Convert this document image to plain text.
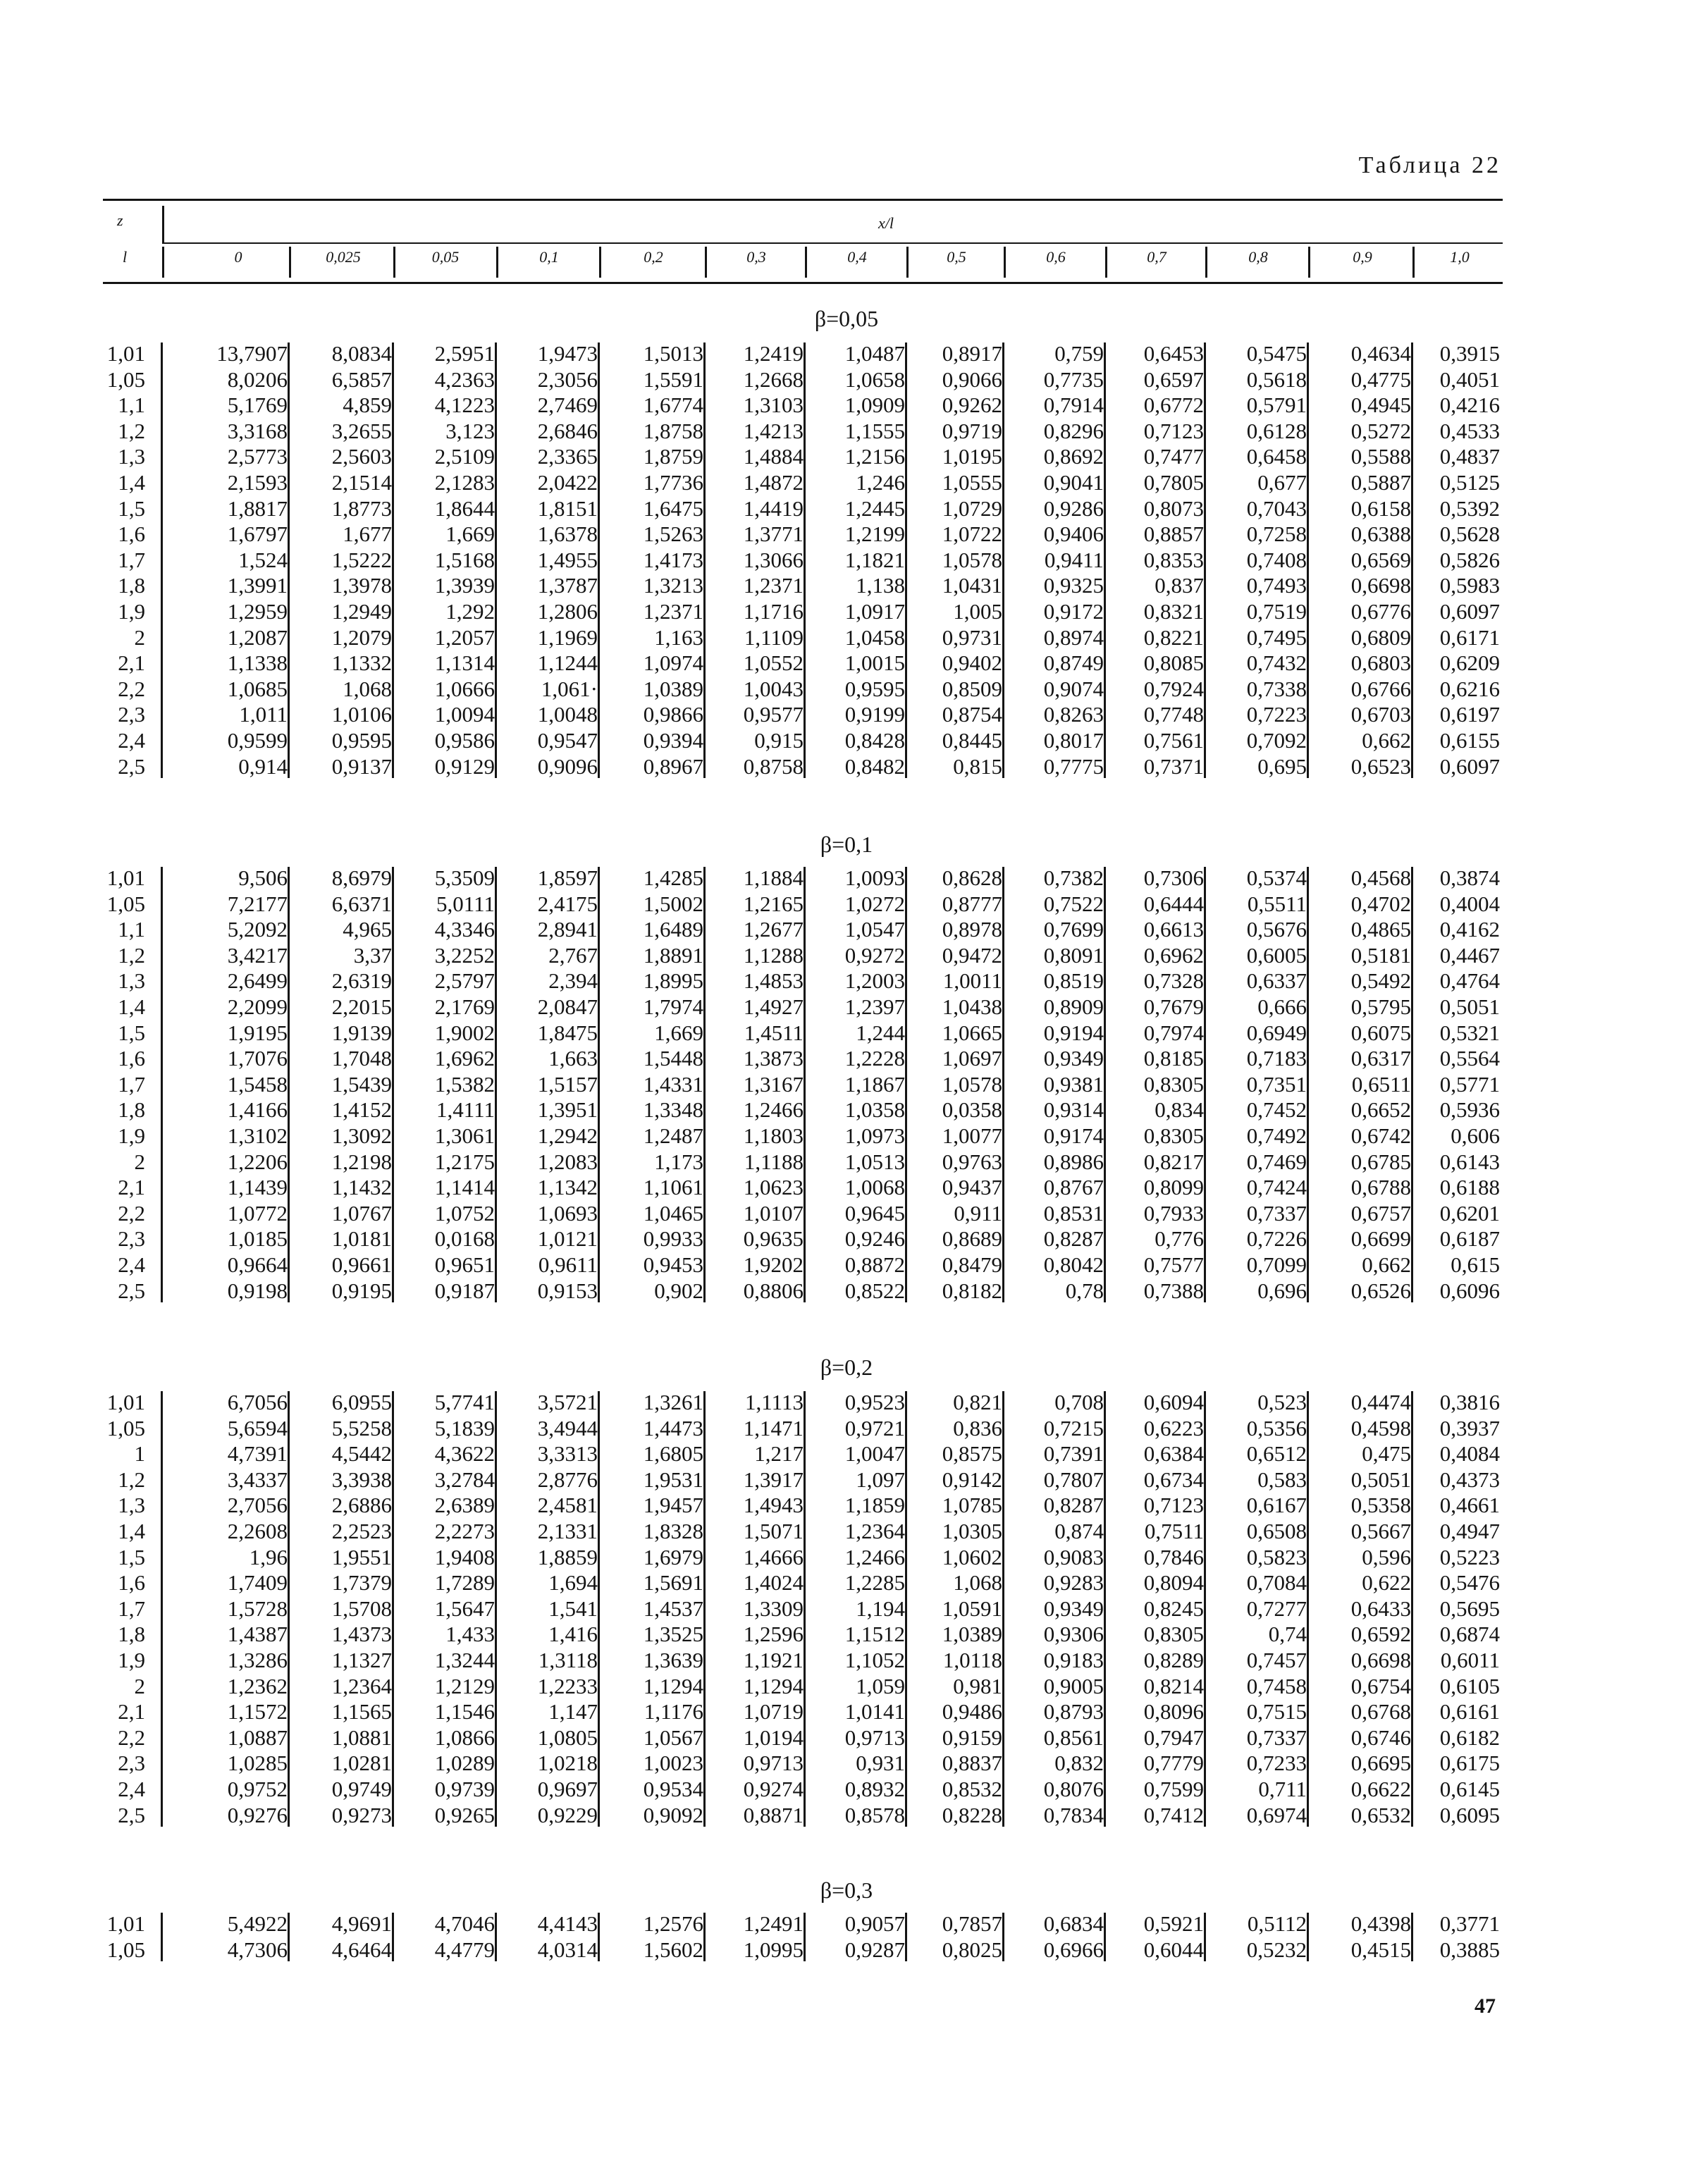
Таблица 22
z	x/l
l	0	0,025	0,05	0,1	0,2	0,3	0,4	0,5	0,6	0,7	0,8	0,9	1,0
β=0,05
1,01	13,7907	8,0834	2,5951	1,9473	1,5013	1,2419	1,0487	0,8917	0,759	0,6453	0,5475	0,4634	0,3915
1,05	8,0206	6,5857	4,2363	2,3056	1,5591	1,2668	1,0658	0,9066	0,7735	0,6597	0,5618	0,4775	0,4051
1,1	5,1769	4,859	4,1223	2,7469	1,6774	1,3103	1,0909	0,9262	0,7914	0,6772	0,5791	0,4945	0,4216
1,2	3,3168	3,2655	3,123	2,6846	1,8758	1,4213	1,1555	0,9719	0,8296	0,7123	0,6128	0,5272	0,4533
1,3	2,5773	2,5603	2,5109	2,3365	1,8759	1,4884	1,2156	1,0195	0,8692	0,7477	0,6458	0,5588	0,4837
1,4	2,1593	2,1514	2,1283	2,0422	1,7736	1,4872	1,246	1,0555	0,9041	0,7805	0,677	0,5887	0,5125
1,5	1,8817	1,8773	1,8644	1,8151	1,6475	1,4419	1,2445	1,0729	0,9286	0,8073	0,7043	0,6158	0,5392
1,6	1,6797	1,677	1,669	1,6378	1,5263	1,3771	1,2199	1,0722	0,9406	0,8857	0,7258	0,6388	0,5628
1,7	1,524	1,5222	1,5168	1,4955	1,4173	1,3066	1,1821	1,0578	0,9411	0,8353	0,7408	0,6569	0,5826
1,8	1,3991	1,3978	1,3939	1,3787	1,3213	1,2371	1,138	1,0431	0,9325	0,837	0,7493	0,6698	0,5983
1,9	1,2959	1,2949	1,292	1,2806	1,2371	1,1716	1,0917	1,005	0,9172	0,8321	0,7519	0,6776	0,6097
2	1,2087	1,2079	1,2057	1,1969	1,163	1,1109	1,0458	0,9731	0,8974	0,8221	0,7495	0,6809	0,6171
2,1	1,1338	1,1332	1,1314	1,1244	1,0974	1,0552	1,0015	0,9402	0,8749	0,8085	0,7432	0,6803	0,6209
2,2	1,0685	1,068	1,0666	1,061·	1,0389	1,0043	0,9595	0,8509	0,9074	0,7924	0,7338	0,6766	0,6216
2,3	1,011	1,0106	1,0094	1,0048	0,9866	0,9577	0,9199	0,8754	0,8263	0,7748	0,7223	0,6703	0,6197
2,4	0,9599	0,9595	0,9586	0,9547	0,9394	0,915	0,8428	0,8445	0,8017	0,7561	0,7092	0,662	0,6155
2,5	0,914	0,9137	0,9129	0,9096	0,8967	0,8758	0,8482	0,815	0,7775	0,7371	0,695	0,6523	0,6097
β=0,1
1,01	9,506	8,6979	5,3509	1,8597	1,4285	1,1884	1,0093	0,8628	0,7382	0,7306	0,5374	0,4568	0,3874
1,05	7,2177	6,6371	5,0111	2,4175	1,5002	1,2165	1,0272	0,8777	0,7522	0,6444	0,5511	0,4702	0,4004
1,1	5,2092	4,965	4,3346	2,8941	1,6489	1,2677	1,0547	0,8978	0,7699	0,6613	0,5676	0,4865	0,4162
1,2	3,4217	3,37	3,2252	2,767	1,8891	1,1288	0,9272	0,9472	0,8091	0,6962	0,6005	0,5181	0,4467
1,3	2,6499	2,6319	2,5797	2,394	1,8995	1,4853	1,2003	1,0011	0,8519	0,7328	0,6337	0,5492	0,4764
1,4	2,2099	2,2015	2,1769	2,0847	1,7974	1,4927	1,2397	1,0438	0,8909	0,7679	0,666	0,5795	0,5051
1,5	1,9195	1,9139	1,9002	1,8475	1,669	1,4511	1,244	1,0665	0,9194	0,7974	0,6949	0,6075	0,5321
1,6	1,7076	1,7048	1,6962	1,663	1,5448	1,3873	1,2228	1,0697	0,9349	0,8185	0,7183	0,6317	0,5564
1,7	1,5458	1,5439	1,5382	1,5157	1,4331	1,3167	1,1867	1,0578	0,9381	0,8305	0,7351	0,6511	0,5771
1,8	1,4166	1,4152	1,4111	1,3951	1,3348	1,2466	1,0358	0,0358	0,9314	0,834	0,7452	0,6652	0,5936
1,9	1,3102	1,3092	1,3061	1,2942	1,2487	1,1803	1,0973	1,0077	0,9174	0,8305	0,7492	0,6742	0,606
2	1,2206	1,2198	1,2175	1,2083	1,173	1,1188	1,0513	0,9763	0,8986	0,8217	0,7469	0,6785	0,6143
2,1	1,1439	1,1432	1,1414	1,1342	1,1061	1,0623	1,0068	0,9437	0,8767	0,8099	0,7424	0,6788	0,6188
2,2	1,0772	1,0767	1,0752	1,0693	1,0465	1,0107	0,9645	0,911	0,8531	0,7933	0,7337	0,6757	0,6201
2,3	1,0185	1,0181	0,0168	1,0121	0,9933	0,9635	0,9246	0,8689	0,8287	0,776	0,7226	0,6699	0,6187
2,4	0,9664	0,9661	0,9651	0,9611	0,9453	1,9202	0,8872	0,8479	0,8042	0,7577	0,7099	0,662	0,615
2,5	0,9198	0,9195	0,9187	0,9153	0,902	0,8806	0,8522	0,8182	0,78	0,7388	0,696	0,6526	0,6096
β=0,2
1,01	6,7056	6,0955	5,7741	3,5721	1,3261	1,1113	0,9523	0,821	0,708	0,6094	0,523	0,4474	0,3816
1,05	5,6594	5,5258	5,1839	3,4944	1,4473	1,1471	0,9721	0,836	0,7215	0,6223	0,5356	0,4598	0,3937
1	4,7391	4,5442	4,3622	3,3313	1,6805	1,217	1,0047	0,8575	0,7391	0,6384	0,6512	0,475	0,4084
1,2	3,4337	3,3938	3,2784	2,8776	1,9531	1,3917	1,097	0,9142	0,7807	0,6734	0,583	0,5051	0,4373
1,3	2,7056	2,6886	2,6389	2,4581	1,9457	1,4943	1,1859	1,0785	0,8287	0,7123	0,6167	0,5358	0,4661
1,4	2,2608	2,2523	2,2273	2,1331	1,8328	1,5071	1,2364	1,0305	0,874	0,7511	0,6508	0,5667	0,4947
1,5	1,96	1,9551	1,9408	1,8859	1,6979	1,4666	1,2466	1,0602	0,9083	0,7846	0,5823	0,596	0,5223
1,6	1,7409	1,7379	1,7289	1,694	1,5691	1,4024	1,2285	1,068	0,9283	0,8094	0,7084	0,622	0,5476
1,7	1,5728	1,5708	1,5647	1,541	1,4537	1,3309	1,194	1,0591	0,9349	0,8245	0,7277	0,6433	0,5695
1,8	1,4387	1,4373	1,433	1,416	1,3525	1,2596	1,1512	1,0389	0,9306	0,8305	0,74	0,6592	0,6874
1,9	1,3286	1,1327	1,3244	1,3118	1,3639	1,1921	1,1052	1,0118	0,9183	0,8289	0,7457	0,6698	0,6011
2	1,2362	1,2364	1,2129	1,2233	1,1294	1,1294	1,059	0,981	0,9005	0,8214	0,7458	0,6754	0,6105
2,1	1,1572	1,1565	1,1546	1,147	1,1176	1,0719	1,0141	0,9486	0,8793	0,8096	0,7515	0,6768	0,6161
2,2	1,0887	1,0881	1,0866	1,0805	1,0567	1,0194	0,9713	0,9159	0,8561	0,7947	0,7337	0,6746	0,6182
2,3	1,0285	1,0281	1,0289	1,0218	1,0023	0,9713	0,931	0,8837	0,832	0,7779	0,7233	0,6695	0,6175
2,4	0,9752	0,9749	0,9739	0,9697	0,9534	0,9274	0,8932	0,8532	0,8076	0,7599	0,711	0,6622	0,6145
2,5	0,9276	0,9273	0,9265	0,9229	0,9092	0,8871	0,8578	0,8228	0,7834	0,7412	0,6974	0,6532	0,6095
β=0,3
1,01	5,4922	4,9691	4,7046	4,4143	1,2576	1,2491	0,9057	0,7857	0,6834	0,5921	0,5112	0,4398	0,3771
1,05	4,7306	4,6464	4,4779	4,0314	1,5602	1,0995	0,9287	0,8025	0,6966	0,6044	0,5232	0,4515	0,3885
47
